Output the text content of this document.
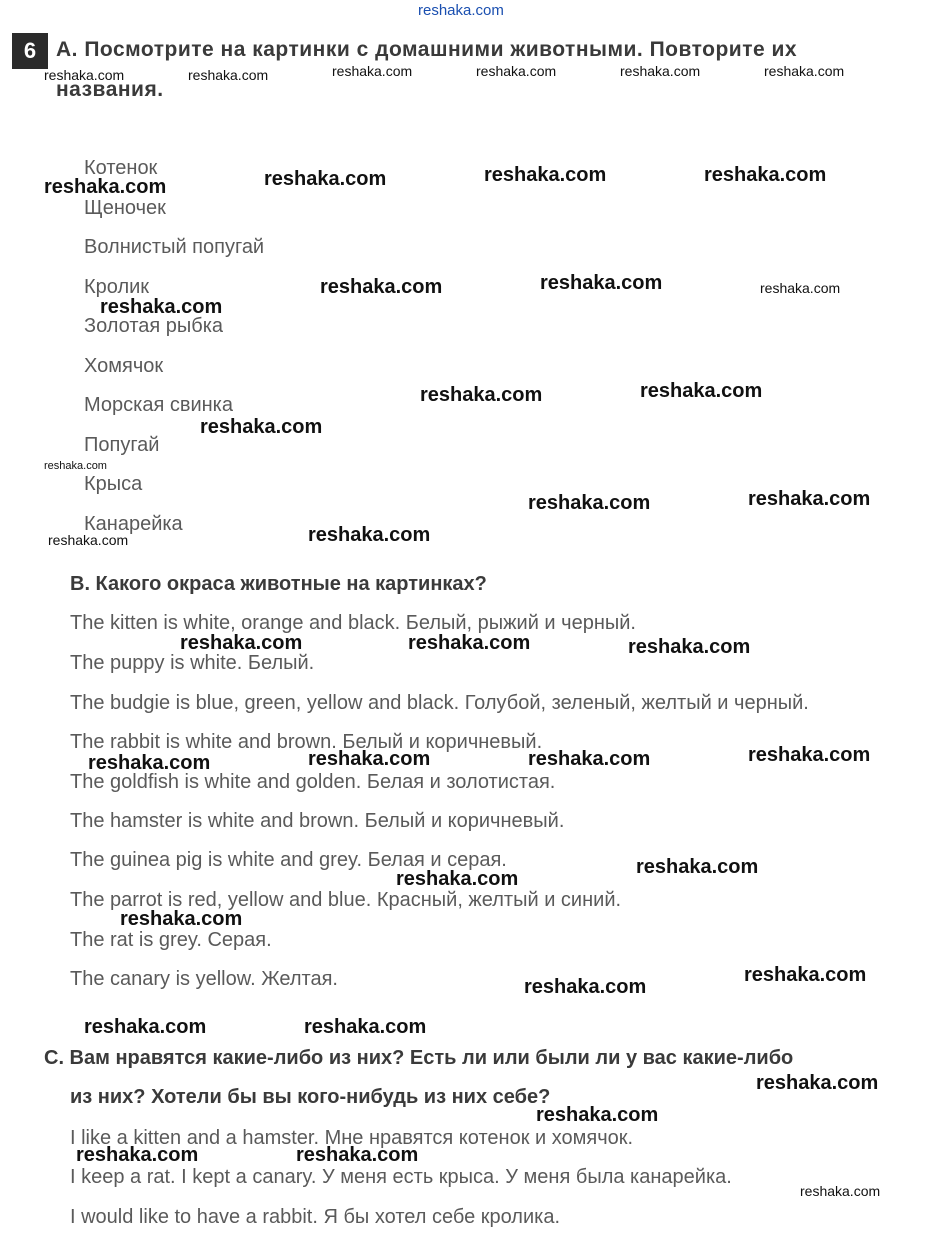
reshaka.com
6 A. Посмотрите на картинки с домашними животными. Повторите их
названия.
Котенок
Щеночек
Волнистый попугай
Кролик
Золотая рыбка
Хомячок
Морская свинка
Попугай
Крыса
Канарейка
B. Какого окраса животные на картинках?
The kitten is white, orange and black. Белый, рыжий и черный.
The puppy is white. Белый.
The budgie is blue, green, yellow and black. Голубой, зеленый, желтый и черный.
The rabbit is white and brown. Белый и коричневый.
The goldfish is white and golden. Белая и золотистая.
The hamster is white and brown. Белый и коричневый.
The guinea pig is white and grey. Белая и серая.
The parrot is red, yellow and blue. Красный, желтый и синий.
The rat is grey. Серая.
The canary is yellow. Желтая.
C. Вам нравятся какие-либо из них? Есть ли или были ли у вас какие-либо
из них? Хотели бы вы кого-нибудь из них себе?
I like a kitten and a hamster. Мне нравятся котенок и хомячок.
I keep a rat. I kept a canary. У меня есть крыса. У меня была канарейка.
I would like to have a rabbit. Я бы хотел себе кролика.
reshaka.com	reshaka.com	reshaka.com	reshaka.com	reshaka.com	reshaka.com
reshaka.com	reshaka.com	reshaka.com	reshaka.com
reshaka.com	reshaka.com	reshaka.com
reshaka.com
reshaka.com	reshaka.com
reshaka.com
reshaka.com
reshaka.com	reshaka.com
reshaka.com	reshaka.com
reshaka.com	reshaka.com	reshaka.com
reshaka.com	reshaka.com	reshaka.com	reshaka.com
reshaka.com
reshaka.com
reshaka.com
reshaka.com
reshaka.com
reshaka.com	reshaka.com
reshaka.com
reshaka.com
reshaka.com	reshaka.com
reshaka.com
